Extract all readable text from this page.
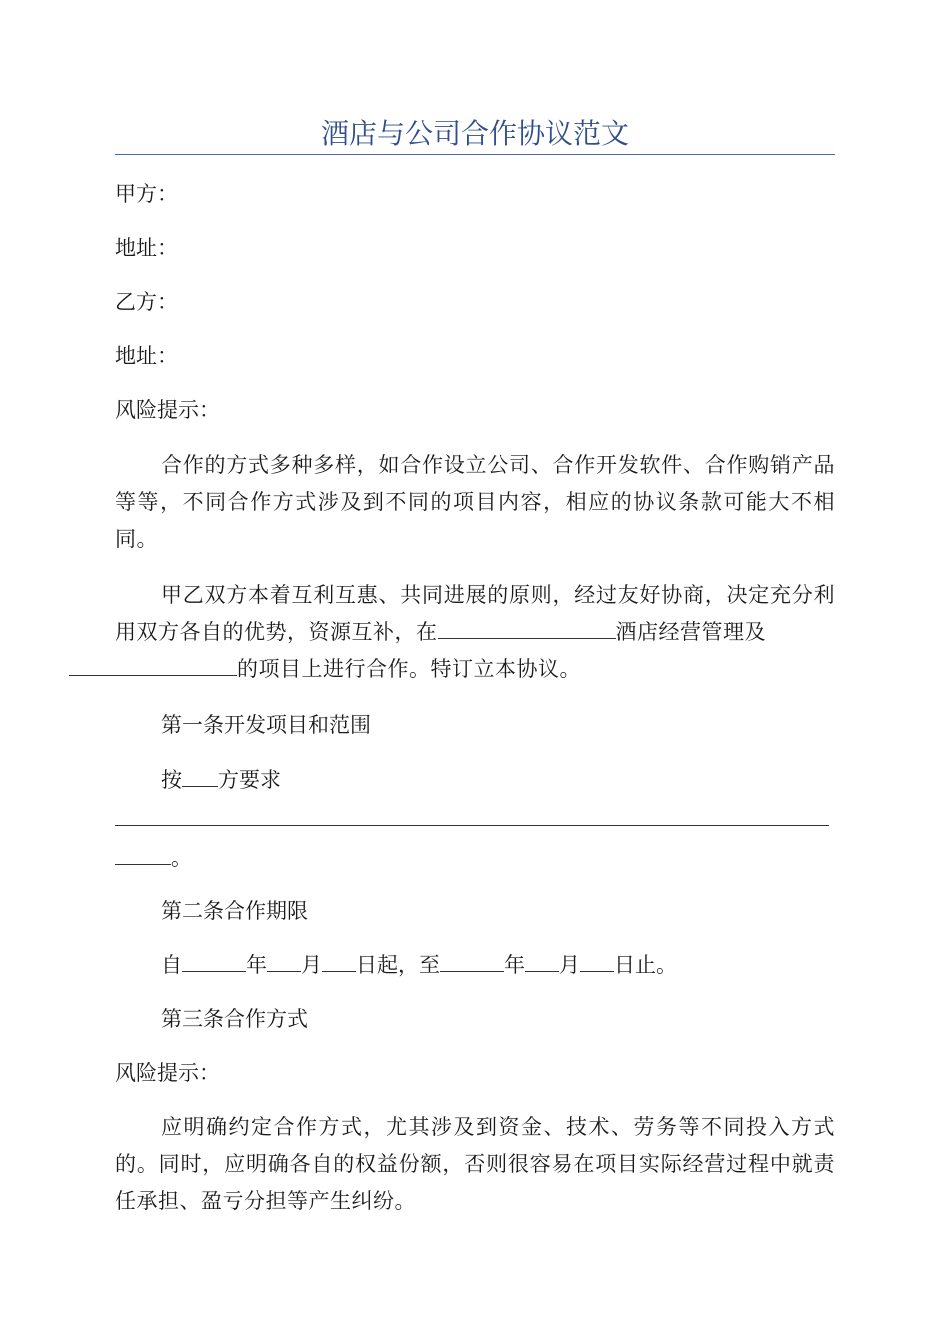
酒店与公司合作协议范文
甲方：
地址：
乙方：
地址：
风险提示：
合作的方式多种多样，如合作设立公司、合作开发软件、合作购销产品等等，不同合作方式涉及到不同的项目内容，相应的协议条款可能大不相同。
甲乙双方本着互利互惠、共同进展的原则，经过友好协商，决定充分利用双方各自的优势，资源互补，在	酒店经营管理及
的项目上进行合作。特订立本协议。
第一条开发项目和范围
按 方要求
。
第二条合作期限
自	年 月 日起，至	年 月 日止。
第三条合作方式
风险提示：
应明确约定合作方式，尤其涉及到资金、技术、劳务等不同投入方式的。同时，应明确各自的权益份额，否则很容易在项目实际经营过程中就责任承担、盈亏分担等产生纠纷。
